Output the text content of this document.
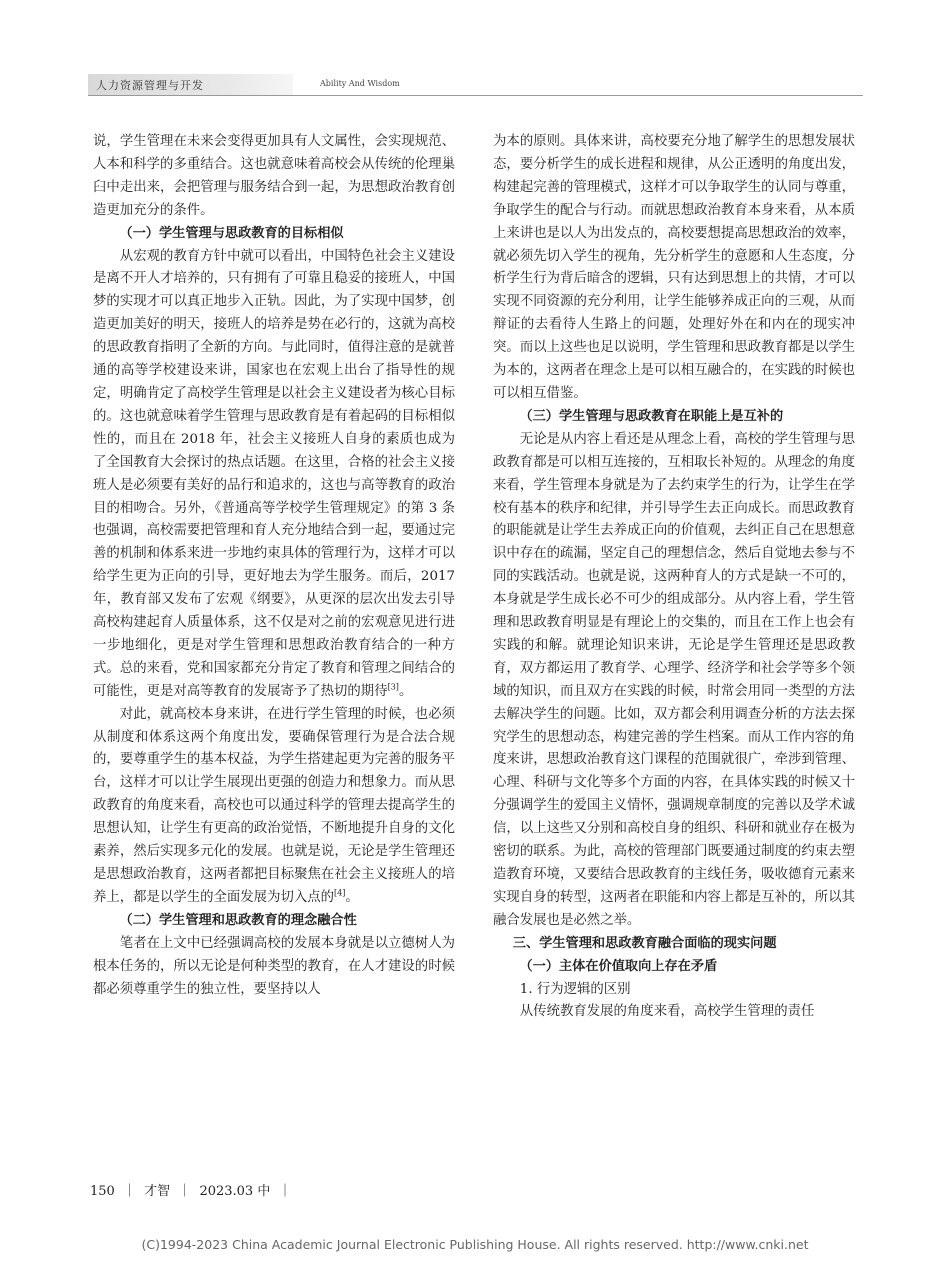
人力资源管理与开发	Ability And Wisdom

说，学生管理在未来会变得更加具有人文属性，会实现规范、人本和科学的多重结合。这也就意味着高校会从传统的伦理巢臼中走出来，会把管理与服务结合到一起，为思想政治教育创造更加充分的条件。

（一）学生管理与思政教育的目标相似

从宏观的教育方针中就可以看出，中国特色社会主义建设是离不开人才培养的，只有拥有了可靠且稳妥的接班人，中国梦的实现才可以真正地步入正轨。因此，为了实现中国梦，创造更加美好的明天，接班人的培养是势在必行的，这就为高校的思政教育指明了全新的方向。与此同时，值得注意的是就普通的高等学校建设来讲，国家也在宏观上出台了指导性的规定，明确肯定了高校学生管理是以社会主义建设者为核心目标的。这也就意味着学生管理与思政教育是有着起码的目标相似性的，而且在 2018 年，社会主义接班人自身的素质也成为了全国教育大会探讨的热点话题。在这里，合格的社会主义接班人是必须要有美好的品行和追求的，这也与高等教育的政治目的相吻合。另外，《普通高等学校学生管理规定》的第 3 条也强调，高校需要把管理和育人充分地结合到一起，要通过完善的机制和体系来进一步地约束具体的管理行为，这样才可以给学生更为正向的引导，更好地去为学生服务。而后，2017 年，教育部又发布了宏观《纲要》，从更深的层次出发去引导高校构建起育人质量体系，这不仅是对之前的宏观意见进行进一步地细化，更是对学生管理和思想政治教育结合的一种方式。总的来看，党和国家都充分肯定了教育和管理之间结合的可能性，更是对高等教育的发展寄予了热切的期待[3]。

对此，就高校本身来讲，在进行学生管理的时候，也必须从制度和体系这两个角度出发，要确保管理行为是合法合规的，要尊重学生的基本权益，为学生搭建起更为完善的服务平台，这样才可以让学生展现出更强的创造力和想象力。而从思政教育的角度来看，高校也可以通过科学的管理去提高学生的思想认知，让学生有更高的政治觉悟，不断地提升自身的文化素养，然后实现多元化的发展。也就是说，无论是学生管理还是思想政治教育，这两者都把目标聚焦在社会主义接班人的培养上，都是以学生的全面发展为切入点的[4]。

（二）学生管理和思政教育的理念融合性

笔者在上文中已经强调高校的发展本身就是以立德树人为根本任务的，所以无论是何种类型的教育，在人才建设的时候都必须尊重学生的独立性，要坚持以人

为本的原则。具体来讲，高校要充分地了解学生的思想发展状态，要分析学生的成长进程和规律，从公正透明的角度出发，构建起完善的管理模式，这样才可以争取学生的认同与尊重，争取学生的配合与行动。而就思想政治教育本身来看，从本质上来讲也是以人为出发点的，高校要想提高思想政治的效率，就必须先切入学生的视角，先分析学生的意愿和人生态度，分析学生行为背后暗含的逻辑，只有达到思想上的共情，才可以实现不同资源的充分利用，让学生能够养成正向的三观，从而辩证的去看待人生路上的问题，处理好外在和内在的现实冲突。而以上这些也足以说明，学生管理和思政教育都是以学生为本的，这两者在理念上是可以相互融合的，在实践的时候也可以相互借鉴。

（三）学生管理与思政教育在职能上是互补的

无论是从内容上看还是从理念上看，高校的学生管理与思政教育都是可以相互连接的，互相取长补短的。从理念的角度来看，学生管理本身就是为了去约束学生的行为，让学生在学校有基本的秩序和纪律，并引导学生去正向成长。而思政教育的职能就是让学生去养成正向的价值观，去纠正自己在思想意识中存在的疏漏，坚定自己的理想信念，然后自觉地去参与不同的实践活动。也就是说，这两种育人的方式是缺一不可的，本身就是学生成长必不可少的组成部分。从内容上看，学生管理和思政教育明显是有理论上的交集的，而且在工作上也会有实践的和解。就理论知识来讲，无论是学生管理还是思政教育，双方都运用了教育学、心理学、经济学和社会学等多个领域的知识，而且双方在实践的时候，时常会用同一类型的方法去解决学生的问题。比如，双方都会利用调查分析的方法去探究学生的思想动态，构建完善的学生档案。而从工作内容的角度来讲，思想政治教育这门课程的范围就很广，牵涉到管理、心理、科研与文化等多个方面的内容，在具体实践的时候又十分强调学生的爱国主义情怀，强调规章制度的完善以及学术诚信，以上这些又分别和高校自身的组织、科研和就业存在极为密切的联系。为此，高校的管理部门既要通过制度的约束去塑造教育环境，又要结合思政教育的主线任务，吸收德育元素来实现自身的转型，这两者在职能和内容上都是互补的，所以其融合发展也是必然之举。

三、学生管理和思政教育融合面临的现实问题

（一）主体在价值取向上存在矛盾

1. 行为逻辑的区别

从传统教育发展的角度来看，高校学生管理的责任

150 ｜ 才智 ｜ 2023.03 中 ｜
(C)1994-2023 China Academic Journal Electronic Publishing House. All rights reserved. http://www.cnki.net
